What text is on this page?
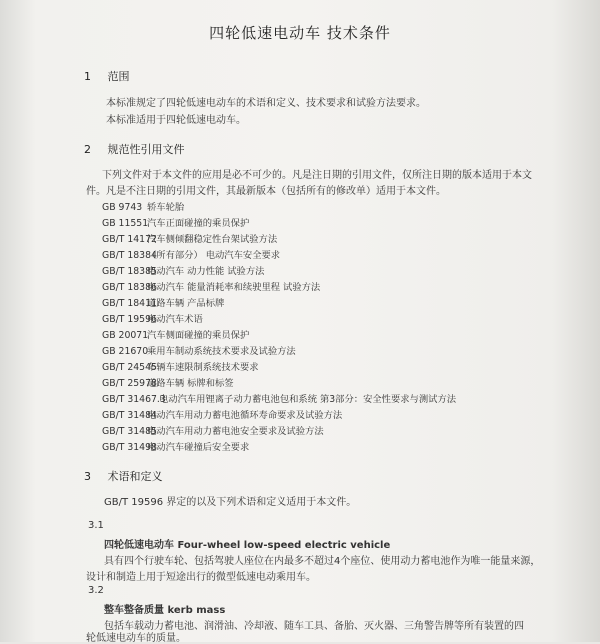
四轮低速电动车 技术条件
1 范围
本标准规定了四轮低速电动车的术语和定义、技术要求和试验方法要求。
本标准适用于四轮低速电动车。
2 规范性引用文件
下列文件对于本文件的应用是必不可少的。凡是注日期的引用文件，仅所注日期的版本适用于本文
件。凡是不注日期的引用文件，其最新版本（包括所有的修改单）适用于本文件。
GB 9743 轿车轮胎
GB 11551 汽车正面碰撞的乘员保护
GB/T 14172 汽车侧倾翻稳定性台架试验方法
GB/T 18384 （所有部分） 电动汽车安全要求
GB/T 18385 电动汽车 动力性能 试验方法
GB/T 18386 电动汽车 能量消耗率和续驶里程 试验方法
GB/T 18411 道路车辆 产品标牌
GB/T 19596 电动汽车术语
GB 20071 汽车侧面碰撞的乘员保护
GB 21670 乘用车制动系统技术要求及试验方法
GB/T 24545 车辆车速限制系统技术要求
GB/T 25978 道路车辆 标牌和标签
GB/T 31467.3 电动汽车用锂离子动力蓄电池包和系统 第3部分：安全性要求与测试方法
GB/T 31484 电动汽车用动力蓄电池循环寿命要求及试验方法
GB/T 31485 电动汽车用动力蓄电池安全要求及试验方法
GB/T 31498 电动汽车碰撞后安全要求
3 术语和定义
GB/T 19596 界定的以及下列术语和定义适用于本文件。
3.1
四轮低速电动车 Four-wheel low-speed electric vehicle
具有四个行驶车轮、包括驾驶人座位在内最多不超过4个座位、使用动力蓄电池作为唯一能量来源，
设计和制造上用于短途出行的微型低速电动乘用车。
3.2
整车整备质量 kerb mass
包括车载动力蓄电池、润滑油、冷却液、随车工具、备胎、灭火器、三角警告牌等所有装置的四
轮低速电动车的质量。
